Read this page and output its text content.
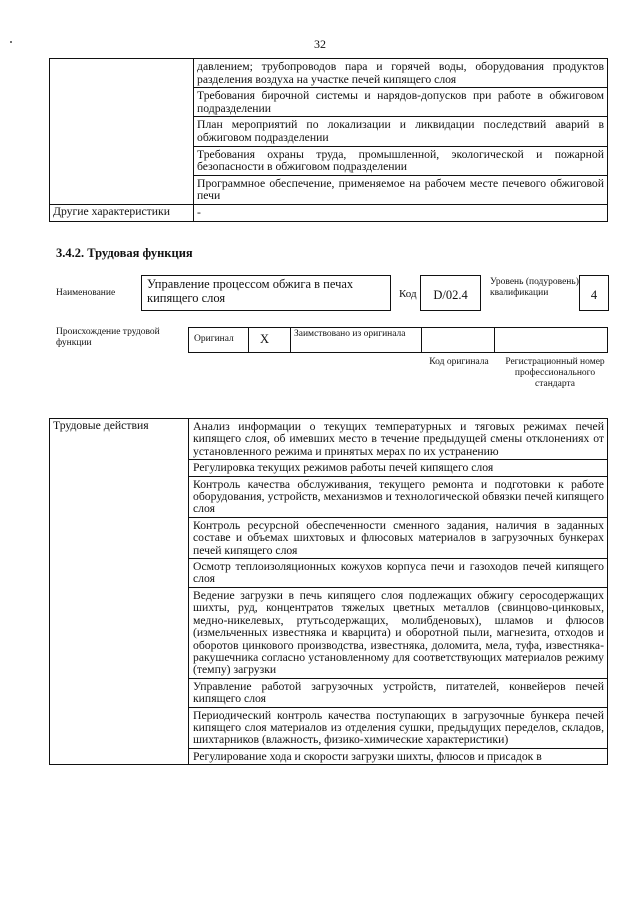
32
	давлением; трубопроводов пара и горячей воды, оборудования продуктов разделения воздуха на участке печей кипящего слоя
	Требования бирочной системы и нарядов-допусков при работе в обжиговом подразделении
	План мероприятий по локализации и ликвидации последствий аварий в обжиговом подразделении
	Требования охраны труда, промышленной, экологической и пожарной безопасности в обжиговом подразделении
	Программное обеспечение, применяемое на рабочем месте печевого обжиговой печи
Другие характеристики	-
3.4.2. Трудовая функция
Наименование
Управление процессом обжига в печах кипящего слоя	Код	D/02.4
Уровень (подуровень) квалификации	4
Происхождение трудовой функции	Оригинал X	Заимствовано из оригинала
Код оригинала Регистрационный номер профессионального стандарта
Трудовые действия	Анализ информации о текущих температурных и тяговых режимах печей кипящего слоя, об имевших место в течение предыдущей смены отклонениях от установленного режима и принятых мерах по их устранению
Регулировка текущих режимов работы печей кипящего слоя
Контроль качества обслуживания, текущего ремонта и подготовки к работе оборудования, устройств, механизмов и технологической обвязки печей кипящего слоя
Контроль ресурсной обеспеченности сменного задания, наличия в заданных составе и объемах шихтовых и флюсовых материалов в загрузочных бункерах печей кипящего слоя
Осмотр теплоизоляционных кожухов корпуса печи и газоходов печей кипящего слоя
Ведение загрузки в печь кипящего слоя подлежащих обжигу серосодержащих шихты, руд, концентратов тяжелых цветных металлов (свинцово-цинковых, медно-никелевых, ртутьсодержащих, молибденовых), шламов и флюсов (измельченных известняка и кварцита) и оборотной пыли, магнезита, отходов и оборотов цинкового производства, известняка, доломита, мела, туфа, известняка-ракушечника согласно установленному для соответствующих материалов режиму (темпу) загрузки
Управление работой загрузочных устройств, питателей, конвейеров печей кипящего слоя
Периодический контроль качества поступающих в загрузочные бункера печей кипящего слоя материалов из отделения сушки, предыдущих переделов, складов, шихтарников (влажность, физико-химические характеристики)
Регулирование хода и скорости загрузки шихты, флюсов и присадок в
